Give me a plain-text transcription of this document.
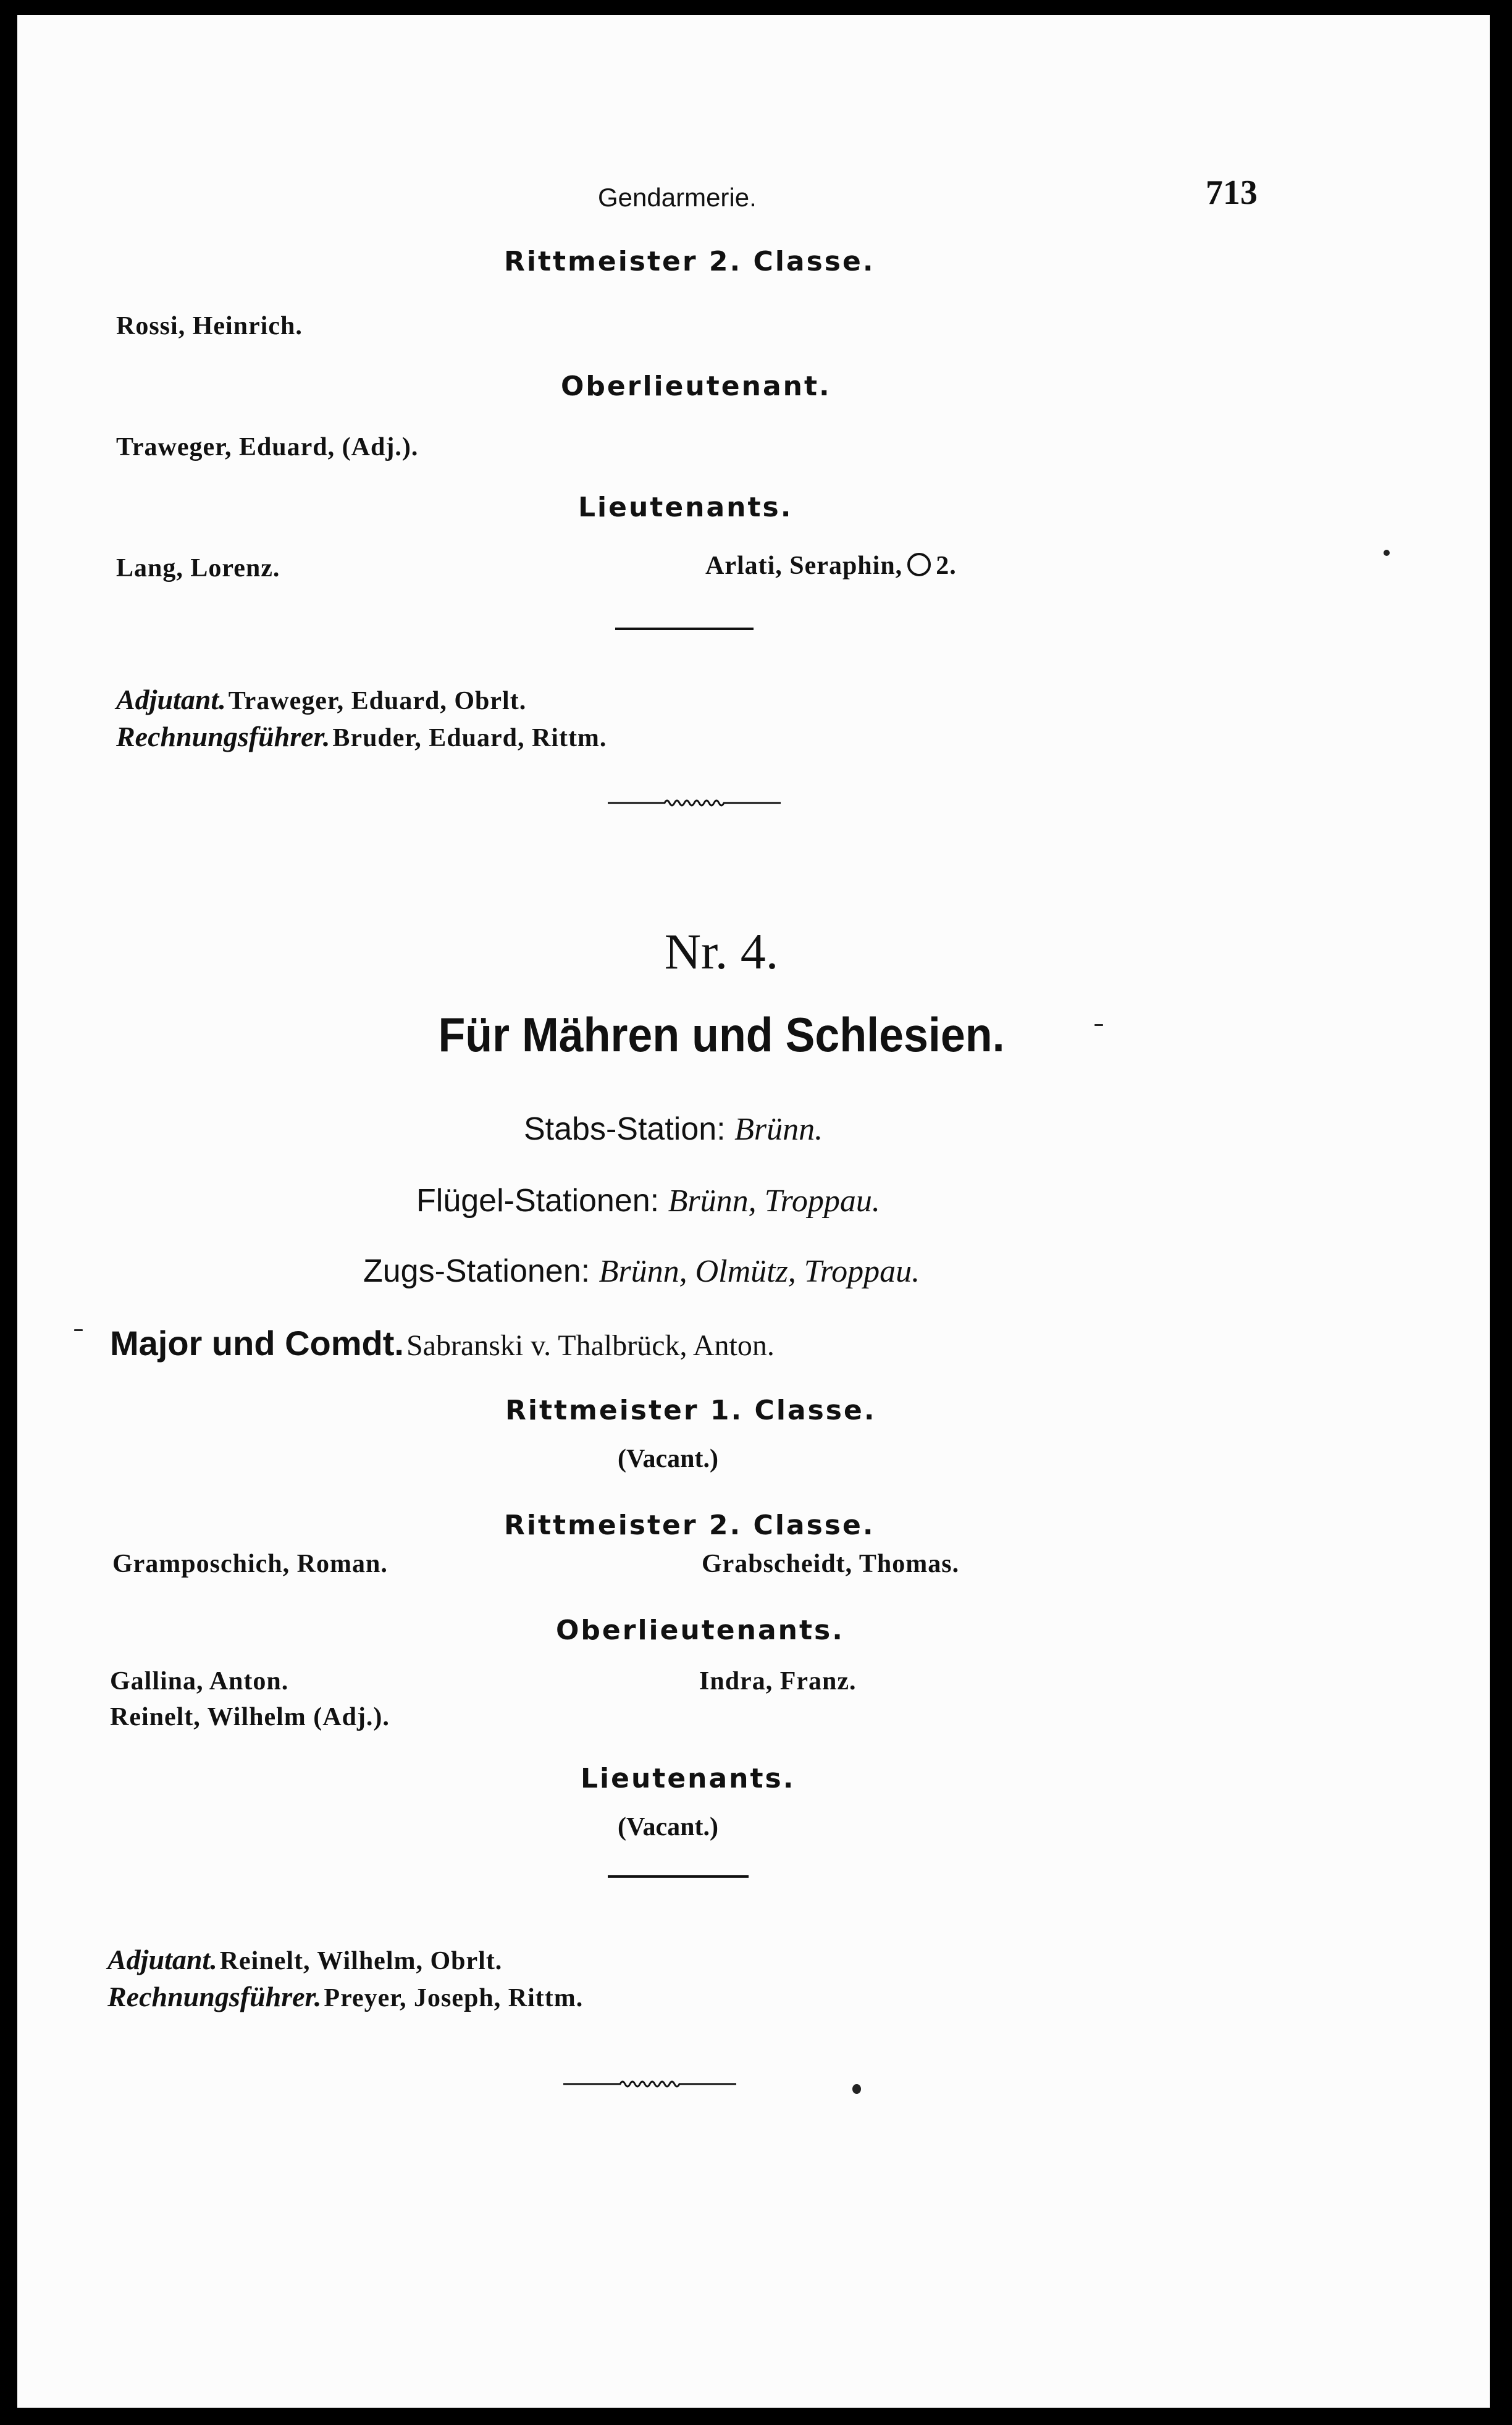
Gendarmerie.	713
Rittmeister 2. Classe.
Rossi, Heinrich.
Oberlieutenant.
Traweger, Eduard, (Adj.).
Lieutenants.
Lang, Lorenz.	Arlati, Seraphin, 2.
Adjutant. Traweger, Eduard, Obrlt.
Rechnungsführer. Bruder, Eduard, Rittm.
Nr. 4.
Für Mähren und Schlesien.
Stabs-Station: Brünn.
Flügel-Stationen: Brünn, Troppau.
Zugs-Stationen: Brünn, Olmütz, Troppau.
Major und Comdt. Sabranski v. Thalbrück, Anton.
Rittmeister 1. Classe.
(Vacant.)
Rittmeister 2. Classe.
Gramposchich, Roman.	Grabscheidt, Thomas.
Oberlieutenants.
Gallina, Anton.	Indra, Franz.
Reinelt, Wilhelm (Adj.).
Lieutenants.
(Vacant.)
Adjutant. Reinelt, Wilhelm, Obrlt.
Rechnungsführer. Preyer, Joseph, Rittm.
